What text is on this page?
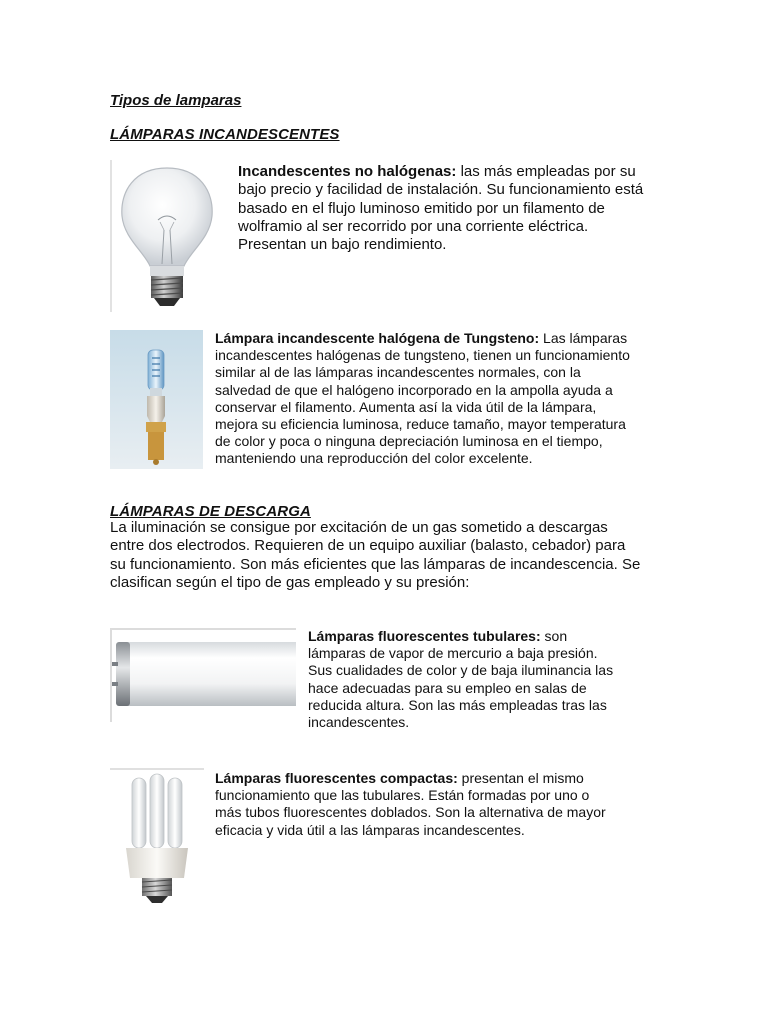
Tipos de lamparas
LÁMPARAS INCANDESCENTES
Incandescentes no halógenas: las más empleadas por su
bajo precio y facilidad de instalación. Su funcionamiento está
basado en el flujo luminoso emitido por un filamento de
wolframio al ser recorrido por una corriente eléctrica.
Presentan un bajo rendimiento.
Lámpara incandescente halógena de Tungsteno: Las lámparas
incandescentes halógenas de tungsteno, tienen un funcionamiento
similar al de las lámparas incandescentes normales, con la
salvedad de que el halógeno incorporado en la ampolla ayuda a
conservar el filamento. Aumenta así la vida útil de la lámpara,
mejora su eficiencia luminosa, reduce tamaño, mayor temperatura
de color y poca o ninguna depreciación luminosa en el tiempo,
manteniendo una reproducción del color excelente.
LÁMPARAS DE DESCARGA
La iluminación se consigue por excitación de un gas sometido a descargas
entre dos electrodos. Requieren de un equipo auxiliar (balasto, cebador) para
su funcionamiento. Son más eficientes que las lámparas de incandescencia. Se
clasifican según el tipo de gas empleado y su presión:
Lámparas fluorescentes tubulares: son
lámparas de vapor de mercurio a baja presión.
Sus cualidades de color y de baja iluminancia las
hace adecuadas para su empleo en salas de
reducida altura. Son las más empleadas tras las
incandescentes.
Lámparas fluorescentes compactas: presentan el mismo
funcionamiento que las tubulares. Están formadas por uno o
más tubos fluorescentes doblados. Son la alternativa de mayor
eficacia y vida útil a las lámparas incandescentes.
